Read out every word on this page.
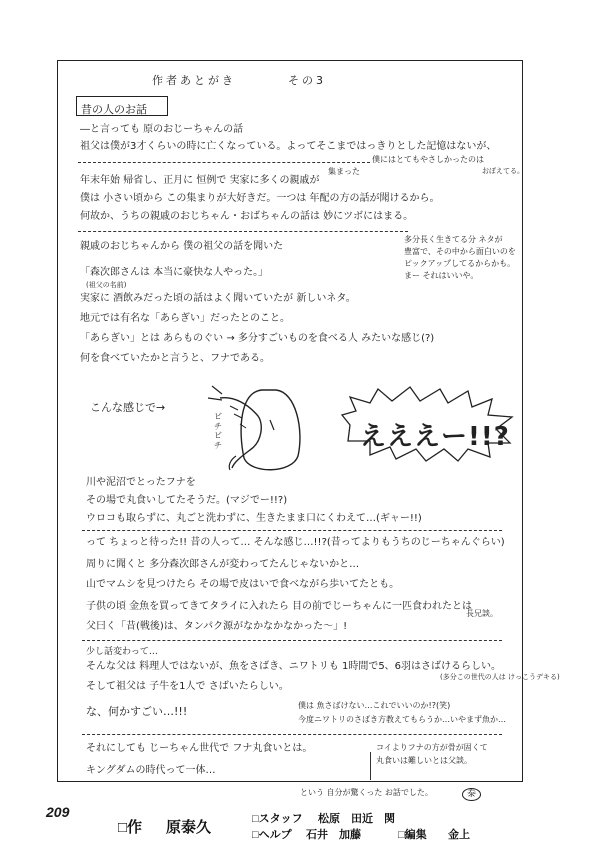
作者あとがき	その3
昔の人のお話
―と言っても 原のおじーちゃんの話
祖父は僕が3才くらいの時に亡くなっている。よってそこまではっきりとした記憶はないが、
僕にはとてもやさしかったのは
おぼえてる。
年末年始 帰省し、正月に 恒例で 実家に多くの親戚が
集まった
僕は 小さい頃から この集まりが大好きだ。一つは 年配の方の話が聞けるから。
何故か、うちの親戚のおじちゃん・おばちゃんの話は 妙にツボにはまる。
親戚のおじちゃんから 僕の祖父の話を聞いた
多分長く生きてる分 ネタが
豊富で、その中から面白いのを
ピックアップしてるからかも。
まー それはいいや。
「森次郎さんは 本当に豪快な人やった。」
(祖父の名前)
実家に 酒飲みだった頃の話はよく聞いていたが 新しいネタ。
地元では有名な「あらぎい」だったとのこと。
「あらぎい」とは あらものぐい → 多分すごいものを食べる人 みたいな感じ(?)
何を食べていたかと言うと、フナである。
こんな感じで→
ビチビチ	えええー!!?
川や泥沼でとったフナを
その場で丸食いしてたそうだ。(マジでー!!?)
ウロコも取らずに、丸ごと洗わずに、生きたまま口にくわえて…(ギャー!!)
って ちょっと待った!! 昔の人って… そんな感じ…!!?(昔ってよりもうちのじーちゃんぐらい)
周りに聞くと 多分森次郎さんが変わってたんじゃないかと…
山でマムシを見つけたら その場で皮はいで食べながら歩いてたとも。
子供の頃 金魚を買ってきてタライに入れたら 目の前でじーちゃんに一匹食われたとは
長兄談。
父曰く「昔(戦後)は、タンパク源がなかなかなかった〜」!
少し話変わって…
そんな父は 料理人ではないが、魚をさばき、ニワトリも 1時間で5、6羽はさばけるらしい。
(多分この世代の人は けっこうデキる)
そして祖父は 子牛を1人で さばいたらしい。
な、何かすごい…!!!	僕は 魚さばけない…これでいいのか!?(笑)
今度ニワトリのさばき方教えてもらうか…いやまず魚か…
それにしても じーちゃん世代で フナ丸食いとは。	コイよりフナの方が骨が固くて
丸食いは難しいとは父談。
キングダムの時代って一体…
という 自分が驚くった お話でした。	泰
209
□作 原泰久	□スタッフ 松原　田近　関
□ヘルプ 石井　加藤	□編集 金上
